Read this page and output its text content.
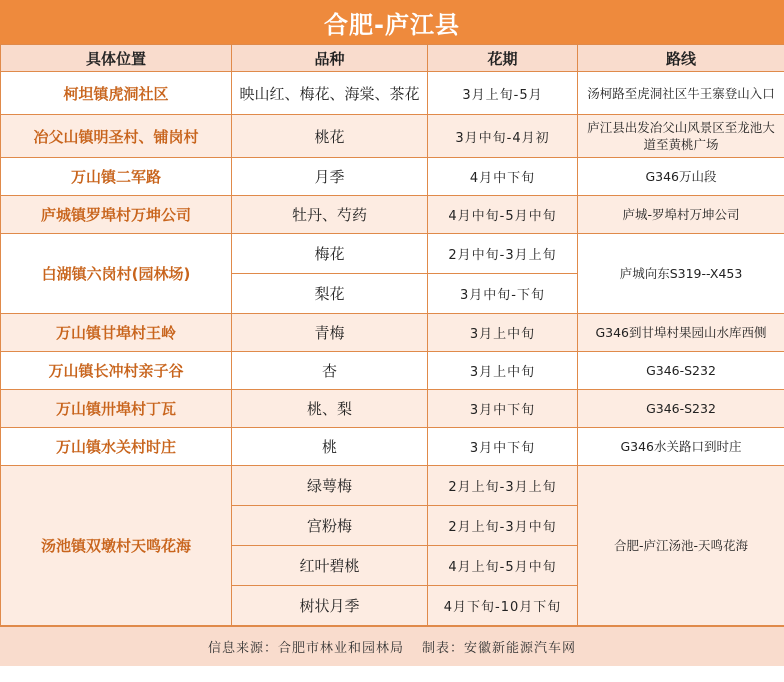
合肥-庐江县
具体位置	品种	花期	路线
柯坦镇虎洞社区	映山红、梅花、海棠、茶花	3月上旬-5月	汤柯路至虎洞社区牛王寨登山入口
冶父山镇明圣村、铺岗村	桃花	3月中旬-4月初	庐江县出发冶父山风景区至龙池大道至黄桃广场
万山镇二军路	月季	4月中下旬	G346万山段
庐城镇罗埠村万坤公司	牡丹、芍药	4月中旬-5月中旬	庐城-罗埠村万坤公司
白湖镇六岗村(园林场)	梅花	2月中旬-3月上旬	庐城向东S319--X453
	梨花	3月中旬-下旬	
万山镇甘埠村王岭	青梅	3月上中旬	G346到甘埠村果园山水库西侧
万山镇长冲村亲子谷	杏	3月上中旬	G346-S232
万山镇卅埠村丁瓦	桃、梨	3月中下旬	G346-S232
万山镇水关村时庄	桃	3月中下旬	G346水关路口到时庄
汤池镇双墩村天鸣花海	绿萼梅	2月上旬-3月上旬	合肥-庐江汤池-天鸣花海
	宫粉梅	2月上旬-3月中旬	
	红叶碧桃	4月上旬-5月中旬	
	树状月季	4月下旬-10月下旬	
信息来源：合肥市林业和园林局 制表：安徽新能源汽车网
